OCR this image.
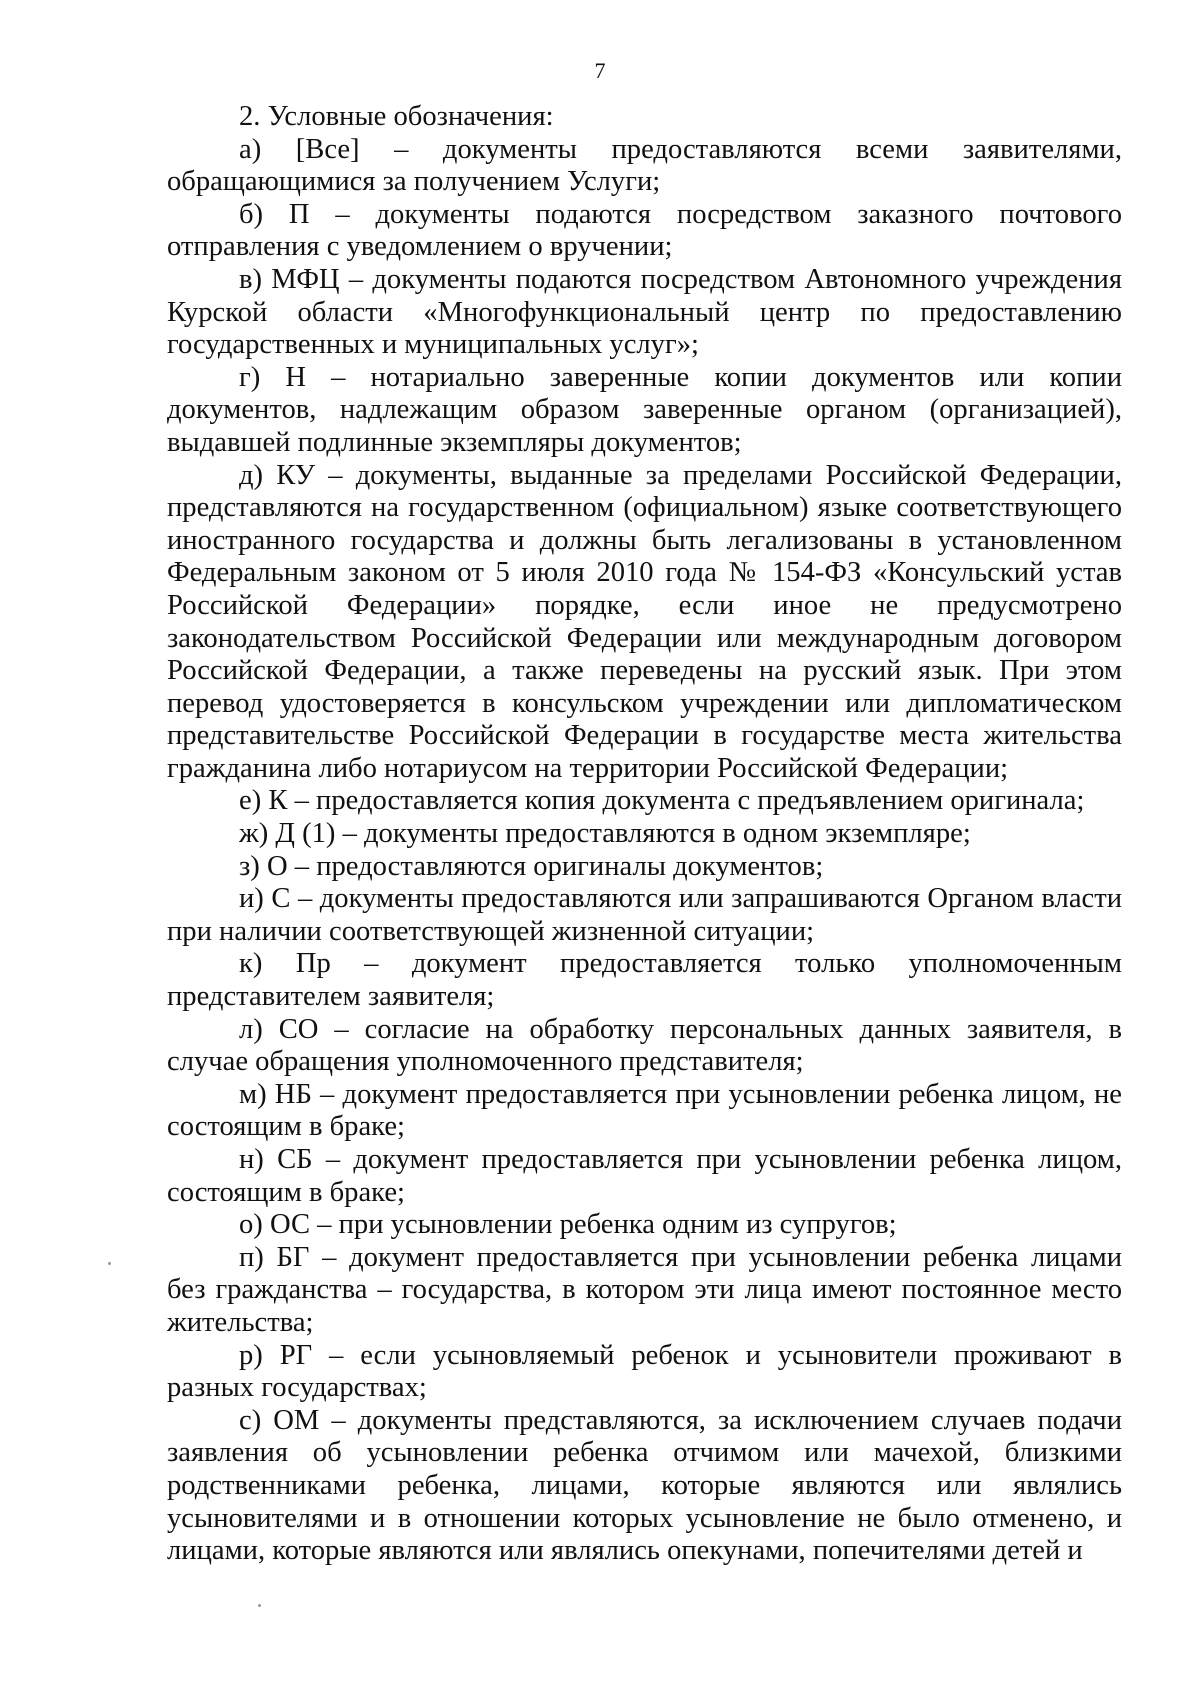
7

2. Условные обозначения:

а) [Все] – документы предоставляются всеми заявителями, обращающимися за получением Услуги;

б) П – документы подаются посредством заказного почтового отправления с уведомлением о вручении;

в) МФЦ – документы подаются посредством Автономного учреждения Курской области «Многофункциональный центр по предоставлению государственных и муниципальных услуг»;

г) Н – нотариально заверенные копии документов или копии документов, надлежащим образом заверенные органом (организацией), выдавшей подлинные экземпляры документов;

д) КУ – документы, выданные за пределами Российской Федерации, представляются на государственном (официальном) языке соответствующего иностранного государства и должны быть легализованы в установленном Федеральным законом от 5 июля 2010 года № 154-ФЗ «Консульский устав Российской Федерации» порядке, если иное не предусмотрено законодательством Российской Федерации или международным договором Российской Федерации, а также переведены на русский язык. При этом перевод удостоверяется в консульском учреждении или дипломатическом представительстве Российской Федерации в государстве места жительства гражданина либо нотариусом на территории Российской Федерации;

е) К – предоставляется копия документа с предъявлением оригинала;

ж) Д (1) – документы предоставляются в одном экземпляре;

з) О – предоставляются оригиналы документов;

и) С – документы предоставляются или запрашиваются Органом власти при наличии соответствующей жизненной ситуации;

к) Пр – документ предоставляется только уполномоченным представителем заявителя;

л) СО – согласие на обработку персональных данных заявителя, в случае обращения уполномоченного представителя;

м) НБ – документ предоставляется при усыновлении ребенка лицом, не состоящим в браке;

н) СБ – документ предоставляется при усыновлении ребенка лицом, состоящим в браке;

о) ОС – при усыновлении ребенка одним из супругов;

п) БГ – документ предоставляется при усыновлении ребенка лицами без гражданства – государства, в котором эти лица имеют постоянное место жительства;

р) РГ – если усыновляемый ребенок и усыновители проживают в разных государствах;

с) ОМ – документы представляются, за исключением случаев подачи заявления об усыновлении ребенка отчимом или мачехой, близкими родственниками ребенка, лицами, которые являются или являлись усыновителями и в отношении которых усыновление не было отменено, и лицами, которые являются или являлись опекунами, попечителями детей и
